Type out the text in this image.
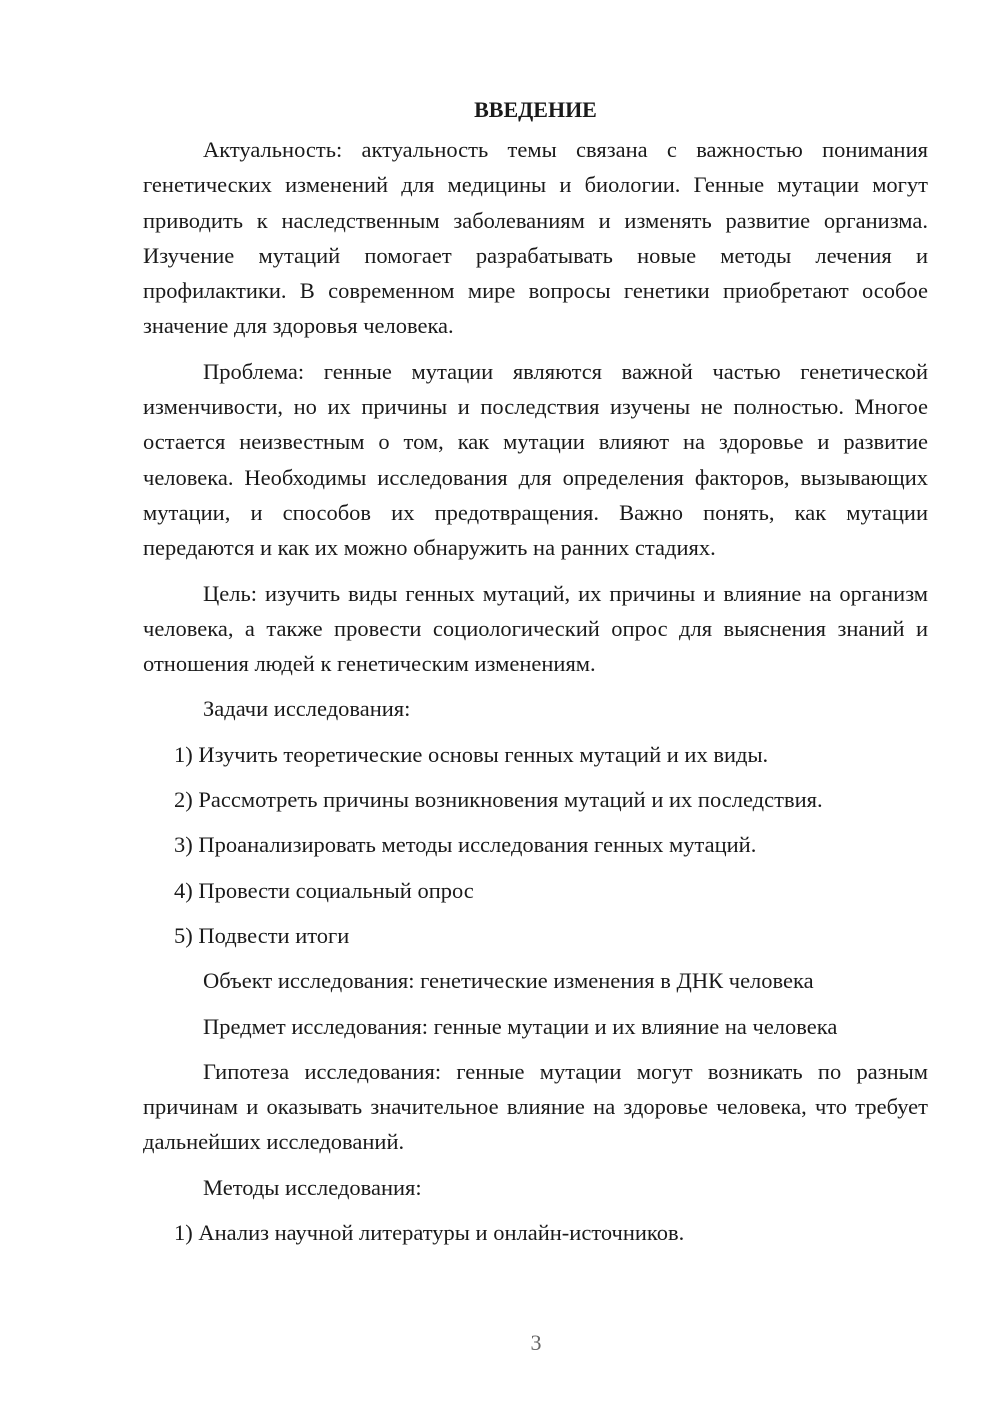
ВВЕДЕНИЕ

Актуальность: актуальность темы связана с важностью понимания генетических изменений для медицины и биологии. Генные мутации могут приводить к наследственным заболеваниям и изменять развитие организма. Изучение мутаций помогает разрабатывать новые методы лечения и профилактики. В современном мире вопросы генетики приобретают особое значение для здоровья человека.

Проблема: генные мутации являются важной частью генетической изменчивости, но их причины и последствия изучены не полностью. Многое остается неизвестным о том, как мутации влияют на здоровье и развитие человека. Необходимы исследования для определения факторов, вызывающих мутации, и способов их предотвращения. Важно понять, как мутации передаются и как их можно обнаружить на ранних стадиях.

Цель: изучить виды генных мутаций, их причины и влияние на организм человека, а также провести социологический опрос для выяснения знаний и отношения людей к генетическим изменениям.

Задачи исследования:

1) Изучить теоретические основы генных мутаций и их виды.

2) Рассмотреть причины возникновения мутаций и их последствия.

3) Проанализировать методы исследования генных мутаций.

4) Провести социальный опрос

5) Подвести итоги

Объект исследования: генетические изменения в ДНК человека

Предмет исследования: генные мутации и их влияние на человека

Гипотеза исследования: генные мутации могут возникать по разным причинам и оказывать значительное влияние на здоровье человека, что требует дальнейших исследований.

Методы исследования:

1) Анализ научной литературы и онлайн-источников.

3
